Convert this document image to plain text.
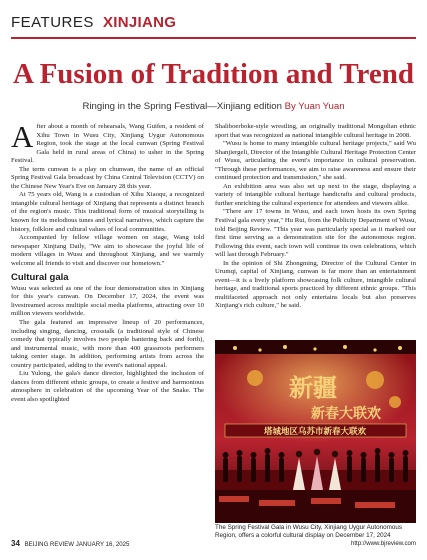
FEATURES XINJIANG
A Fusion of Tradition and Trend
Ringing in the Spring Festival—Xinjiang edition By Yuan Yuan

After about a month of rehearsals, Wang Guifen, a resident of Xihu Town in Wusu City, Xinjiang Uygur Autonomous Region, took the stage at the local cunwan (Spring Festival Gala held in rural areas of China) to usher in the Spring Festival.

The term cunwan is a play on chunwan, the name of an official Spring Festival Gala broadcast by China Central Television (CCTV) on the Chinese New Year's Eve on January 28 this year.

At 75 years old, Wang is a custodian of Xihu Xiaoqu, a recognized intangible cultural heritage of Xinjiang that represents a distinct branch of the region's music. This traditional form of musical storytelling is known for its melodious tunes and lyrical narratives, which capture the history, folklore and cultural values of local communities.

Accompanied by fellow village women on stage, Wang told newspaper Xinjiang Daily, "We aim to showcase the joyful life of modern villages in Wusu and throughout Xinjiang, and we warmly welcome all friends to visit and discover our hometown."

Cultural gala

Wusu was selected as one of the four demonstration sites in Xinjiang for this year's cunwan. On December 17, 2024, the event was livestreamed across multiple social media platforms, attracting over 10 million viewers worldwide.

The gala featured an impressive lineup of 20 performances, including singing, dancing, crosstalk (a traditional style of Chinese comedy that typically involves two people bantering back and forth), and instrumental music, with more than 400 grassroots performers taking center stage. In addition, performing artists from across the country participated, adding to the event's national appeal.

Liu Yulong, the gala's dance director, highlighted the inclusion of dances from different ethnic groups, to create a festive and harmonious atmosphere in celebration of the upcoming Year of the Snake. The event also spotlighted

Shaliboerboke-style wrestling, an originally traditional Mongolian ethnic sport that was recognized as national intangible cultural heritage in 2008.

"Wusu is home to many intangible cultural heritage projects," said Wu Shanjiergeli, Director of the Intangible Cultural Heritage Protection Center of Wusu, articulating the event's importance in cultural preservation. "Through these performances, we aim to raise awareness and ensure their continued protection and transmission," she said.

An exhibition area was also set up next to the stage, displaying a variety of intangible cultural heritage handicrafts and cultural products, further enriching the cultural experience for attendees and viewers alike.

"There are 17 towns in Wusu, and each town hosts its own Spring Festival gala every year," Hu Rui, from the Publicity Department of Wusu, told Beijing Review. "This year was particularly special as it marked our first time serving as a demonstration site for the autonomous region. Following this event, each town will continue its own celebrations, which will last through February."

In the opinion of Shi Zhongming, Director of the Cultural Center in Urumqi, capital of Xinjiang, cunwan is far more than an entertainment event—it is a lively platform showcasing folk culture, intangible cultural heritage, and traditional sports practiced by different ethnic groups. "This multifaceted approach not only entertains locals but also preserves Xinjiang's rich culture," he said.

新疆
新春大联欢
塔城地区乌苏市新春大联欢
The Spring Festival Gala in Wusu City, Xinjiang Uygur Autonomous Region, offers a colorful cultural display on December 17, 2024
34 BEIJING REVIEW JANUARY 16, 2025	http://www.bjreview.com
